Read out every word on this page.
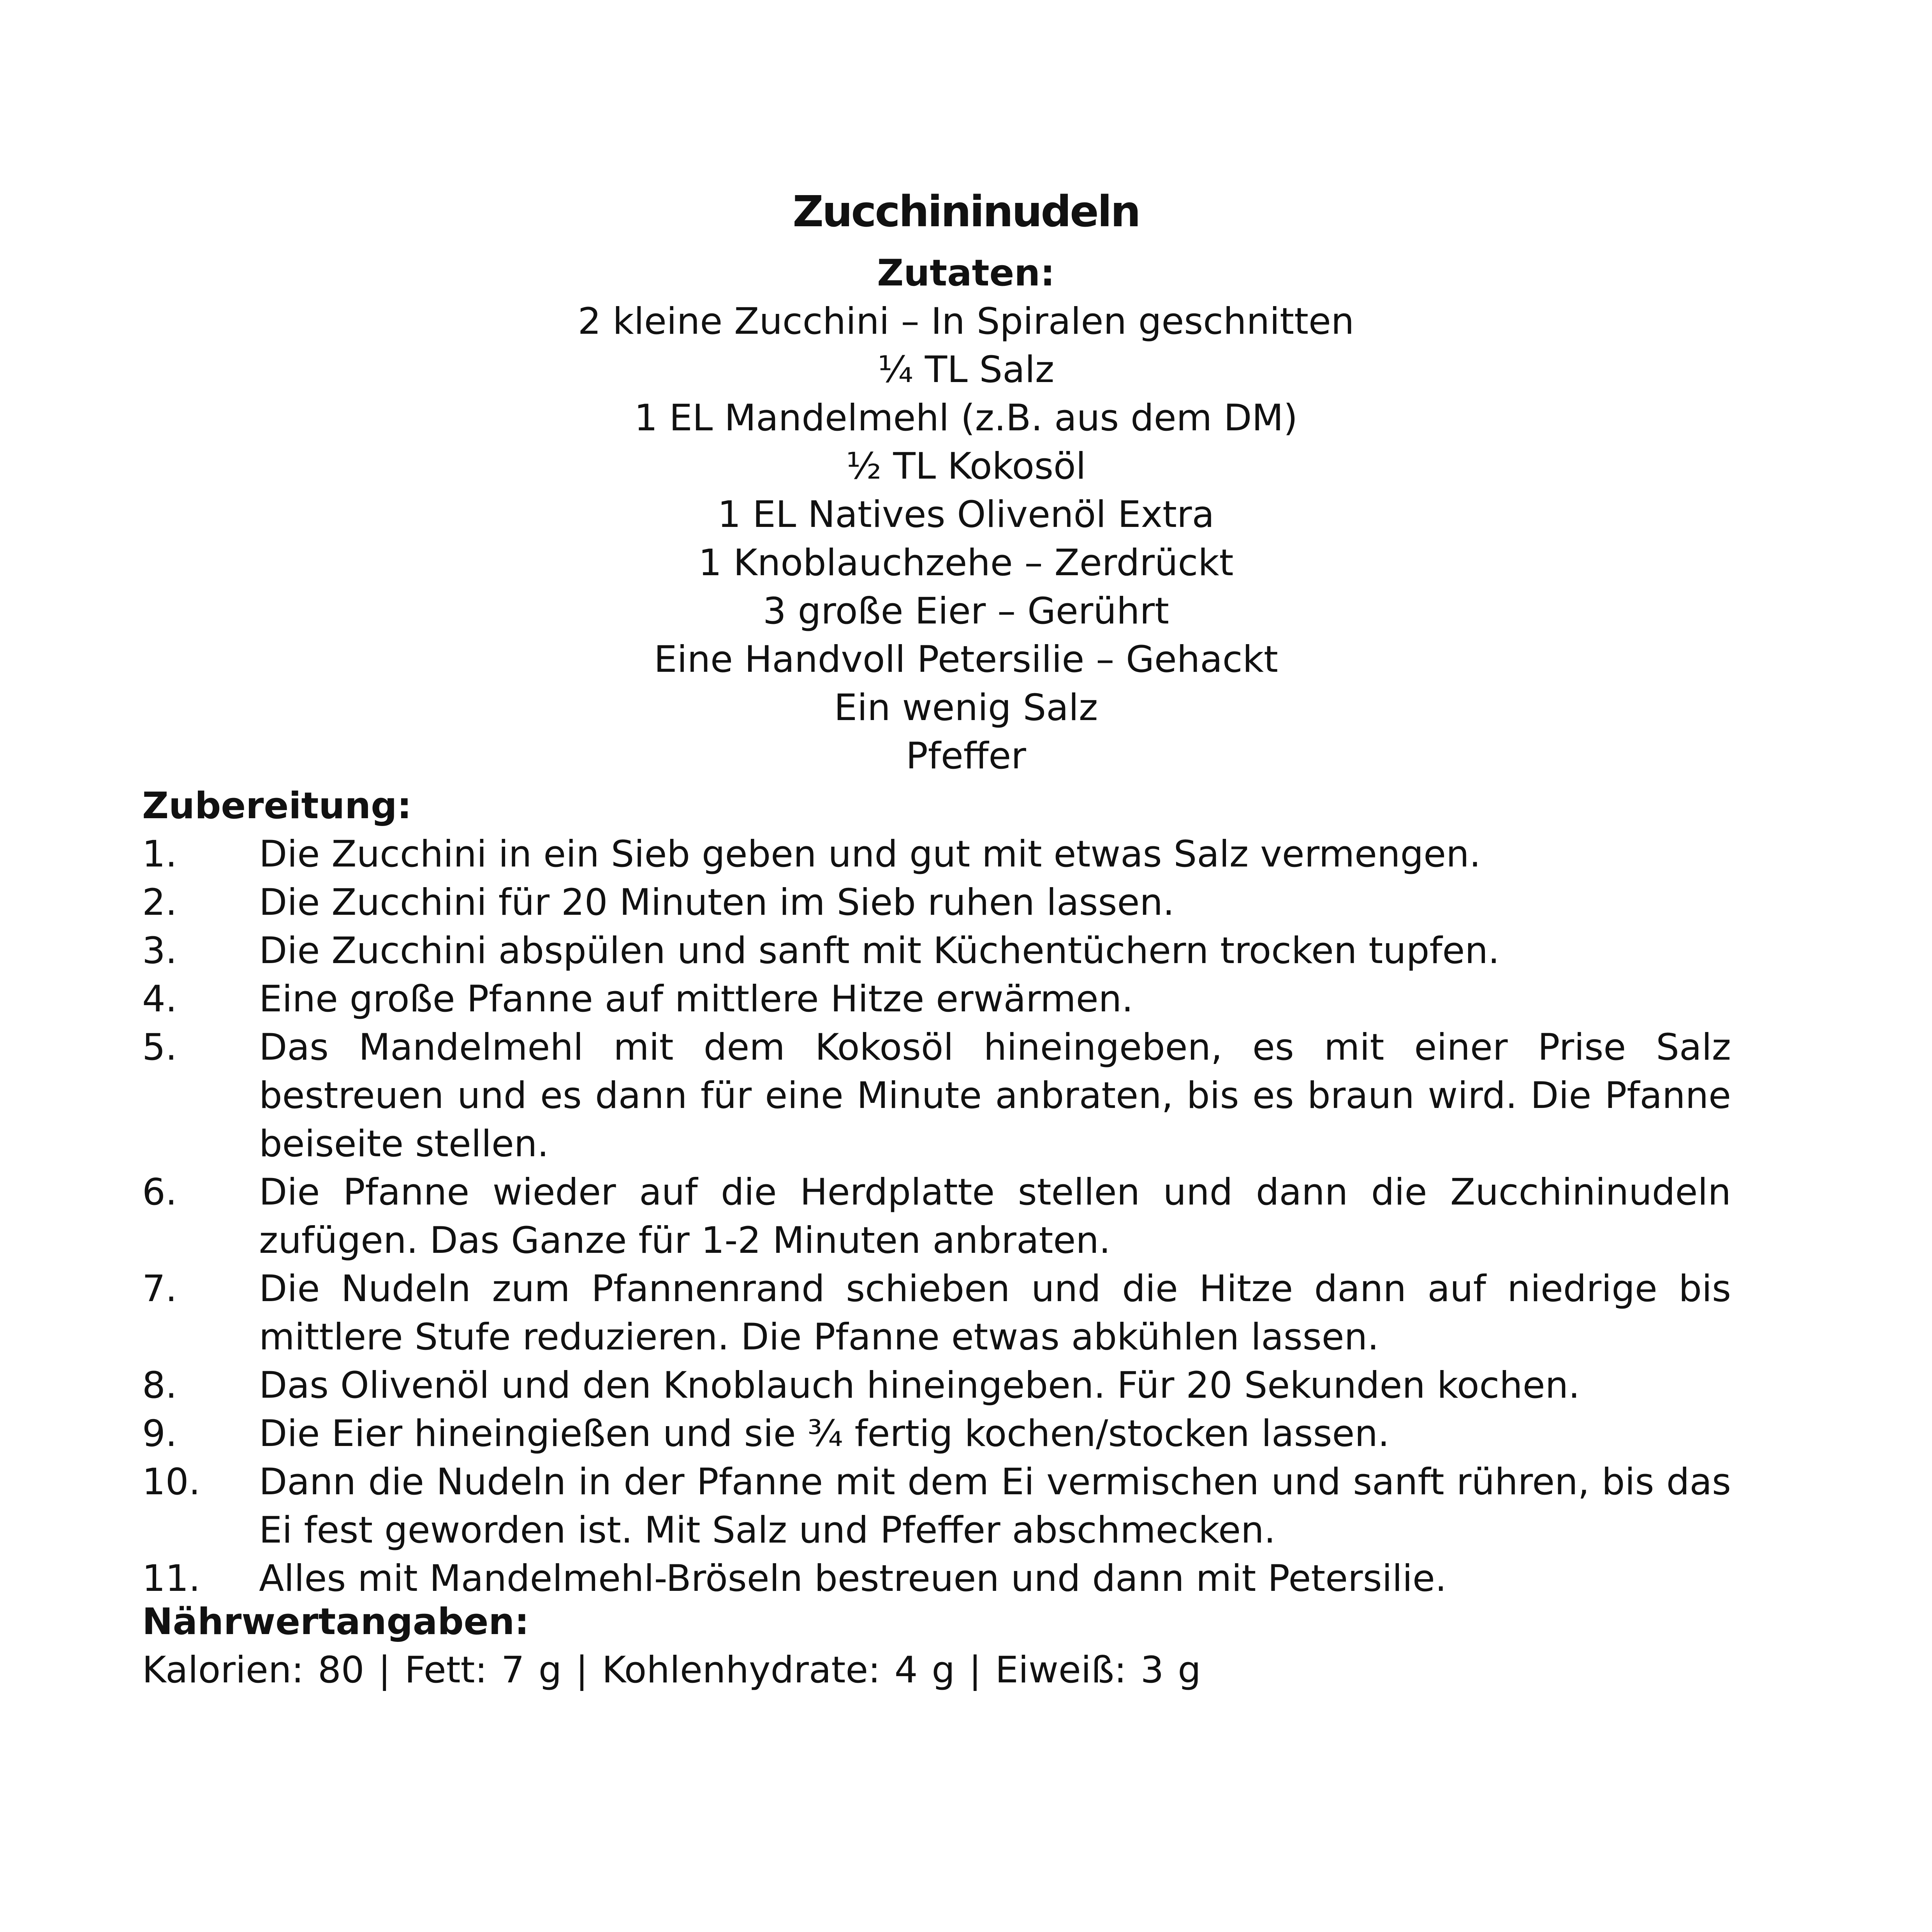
Zucchininudeln
Zutaten:
2 kleine Zucchini – In Spiralen geschnitten
¼ TL Salz
1 EL Mandelmehl (z.B. aus dem DM)
½ TL Kokosöl
1 EL Natives Olivenöl Extra
1 Knoblauchzehe – Zerdrückt
3 große Eier – Gerührt
Eine Handvoll Petersilie – Gehackt
Ein wenig Salz
Pfeffer
Zubereitung:
1.	Die Zucchini in ein Sieb geben und gut mit etwas Salz vermengen.
2.	Die Zucchini für 20 Minuten im Sieb ruhen lassen.
3.	Die Zucchini abspülen und sanft mit Küchentüchern trocken tupfen.
4.	Eine große Pfanne auf mittlere Hitze erwärmen.
5.	Das Mandelmehl mit dem Kokosöl hineingeben, es mit einer Prise Salz bestreuen und es dann für eine Minute anbraten, bis es braun wird. Die Pfanne beiseite stellen.
6.	Die Pfanne wieder auf die Herdplatte stellen und dann die Zucchininudeln zufügen. Das Ganze für 1-2 Minuten anbraten.
7.	Die Nudeln zum Pfannenrand schieben und die Hitze dann auf niedrige bis mittlere Stufe reduzieren. Die Pfanne etwas abkühlen lassen.
8.	Das Olivenöl und den Knoblauch hineingeben. Für 20 Sekunden kochen.
9.	Die Eier hineingießen und sie ¾ fertig kochen/stocken lassen.
10.	Dann die Nudeln in der Pfanne mit dem Ei vermischen und sanft rühren, bis das Ei fest geworden ist. Mit Salz und Pfeffer abschmecken.
11.	Alles mit Mandelmehl-Bröseln bestreuen und dann mit Petersilie.
Nährwertangaben:
Kalorien: 80 | Fett: 7 g | Kohlenhydrate: 4 g | Eiweiß: 3 g
